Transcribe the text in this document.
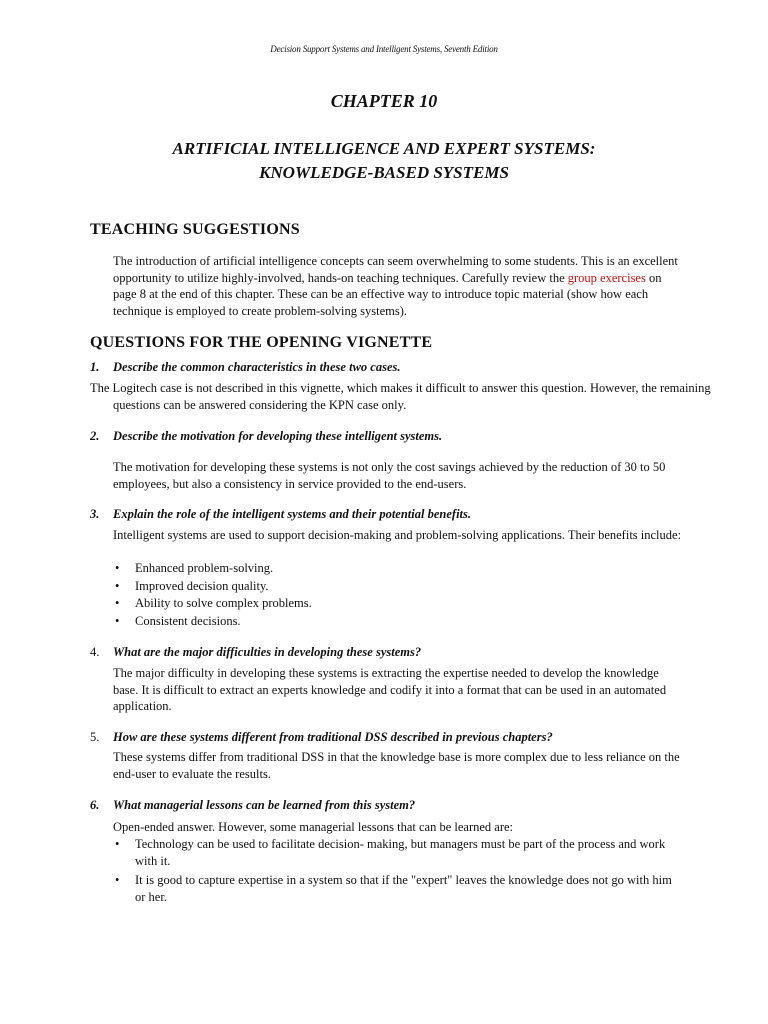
Decision Support Systems and Intelligent Systems, Seventh Edition
CHAPTER 10
ARTIFICIAL INTELLIGENCE AND EXPERT SYSTEMS:
KNOWLEDGE-BASED SYSTEMS
TEACHING SUGGESTIONS
The introduction of artificial intelligence concepts can seem overwhelming to some students. This is an excellent opportunity to utilize highly-involved, hands-on teaching techniques. Carefully review the group exercises on page 8 at the end of this chapter. These can be an effective way to introduce topic material (show how each technique is employed to create problem-solving systems).
QUESTIONS FOR THE OPENING VIGNETTE
1. Describe the common characteristics in these two cases.
The Logitech case is not described in this vignette, which makes it difficult to answer this question. However, the remaining questions can be answered considering the KPN case only.
2. Describe the motivation for developing these intelligent systems.
The motivation for developing these systems is not only the cost savings achieved by the reduction of 30 to 50 employees, but also a consistency in service provided to the end-users.
3. Explain the role of the intelligent systems and their potential benefits.
Intelligent systems are used to support decision-making and problem-solving applications. Their benefits include:
• Enhanced problem-solving.
• Improved decision quality.
• Ability to solve complex problems.
• Consistent decisions.
4. What are the major difficulties in developing these systems?
The major difficulty in developing these systems is extracting the expertise needed to develop the knowledge base. It is difficult to extract an experts knowledge and codify it into a format that can be used in an automated application.
5. How are these systems different from traditional DSS described in previous chapters?
These systems differ from traditional DSS in that the knowledge base is more complex due to less reliance on the end-user to evaluate the results.
6. What managerial lessons can be learned from this system?
Open-ended answer. However, some managerial lessons that can be learned are:
• Technology can be used to facilitate decision- making, but managers must be part of the process and work with it.
• It is good to capture expertise in a system so that if the "expert" leaves the knowledge does not go with him or her.
